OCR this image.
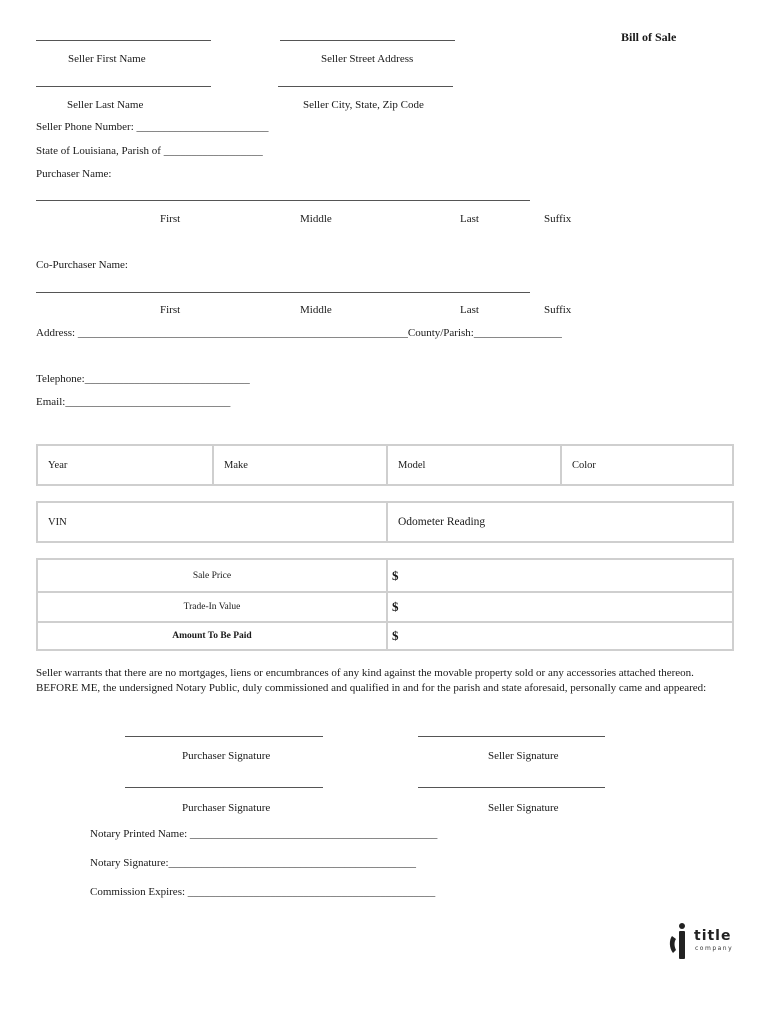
Bill of Sale
Seller First Name	Seller Street Address
Seller Last Name	Seller City, State, Zip Code
Seller Phone Number: ________________________
State of Louisiana, Parish of __________________
Purchaser Name:
First	Middle	Last	Suffix
Co-Purchaser Name:
First	Middle	Last	Suffix
Address: ____________________________________________________________County/Parish:________________
Telephone:______________________________
Email:______________________________
Year	Make	Model	Color
VIN	Odometer Reading
Sale Price	$
Trade-In Value	$
Amount To Be Paid	$
Seller warrants that there are no mortgages, liens or encumbrances of any kind against the movable property sold or any accessories attached thereon. BEFORE ME, the undersigned Notary Public, duly commissioned and qualified in and for the parish and state aforesaid, personally came and appeared:
Purchaser Signature	Seller Signature
Purchaser Signature	Seller Signature
Notary Printed Name: _____________________________________________
Notary Signature:_____________________________________________
Commission Expires: _____________________________________________
title
company
